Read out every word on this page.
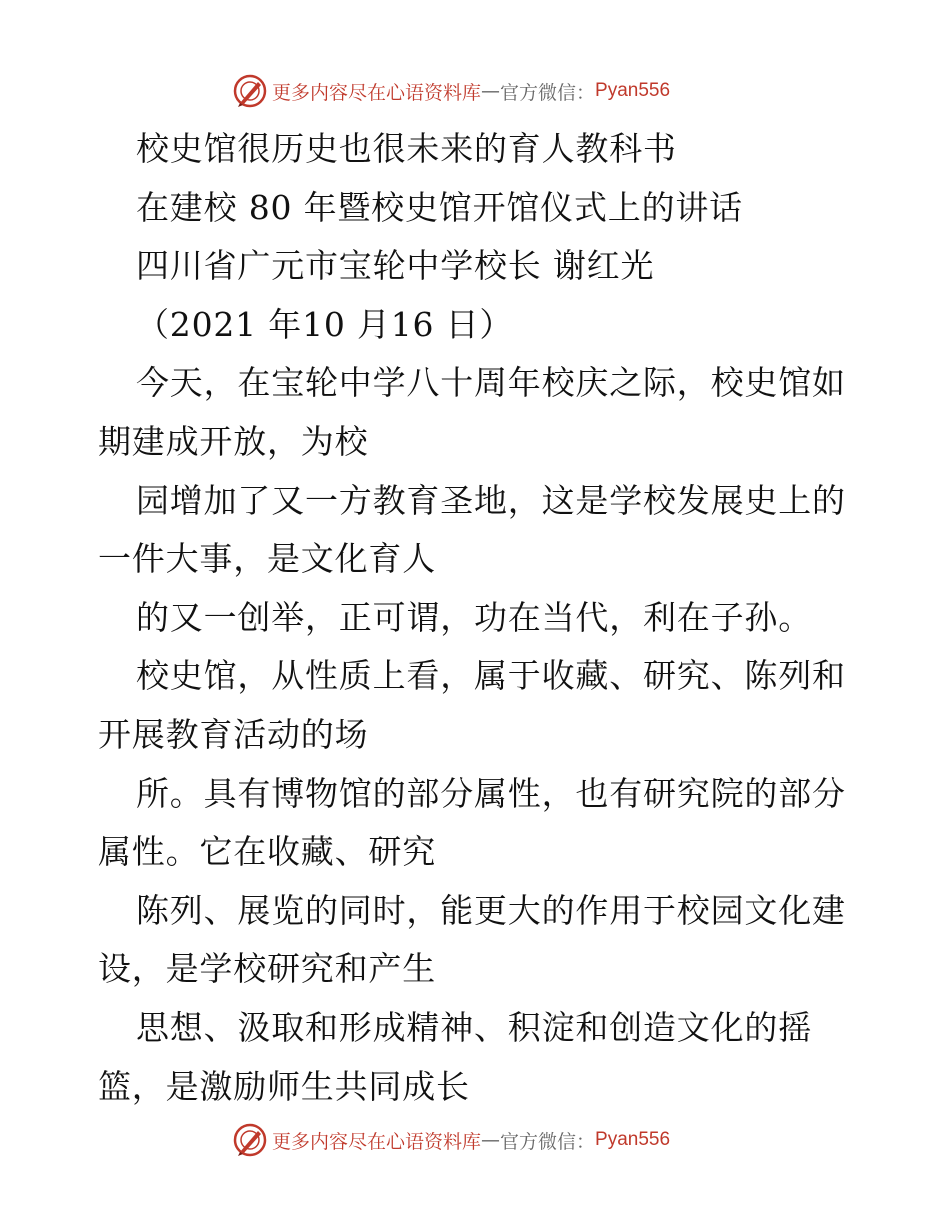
更多内容尽在心语资料库 — 官方微信： Pyan556
校史馆很历史也很未来的育人教科书
在建校 80 年暨校史馆开馆仪式上的讲话
四川省广元市宝轮中学校长 谢红光
（2021 年10 月16 日）
今天，在宝轮中学八十周年校庆之际，校史馆如
期建成开放，为校
园增加了又一方教育圣地，这是学校发展史上的
一件大事，是文化育人
的又一创举，正可谓，功在当代，利在子孙。
校史馆，从性质上看，属于收藏、研究、陈列和
开展教育活动的场
所。具有博物馆的部分属性，也有研究院的部分
属性。它在收藏、研究
陈列、展览的同时，能更大的作用于校园文化建
设，是学校研究和产生
思想、汲取和形成精神、积淀和创造文化的摇
篮，是激励师生共同成长
更多内容尽在心语资料库 — 官方微信： Pyan556
